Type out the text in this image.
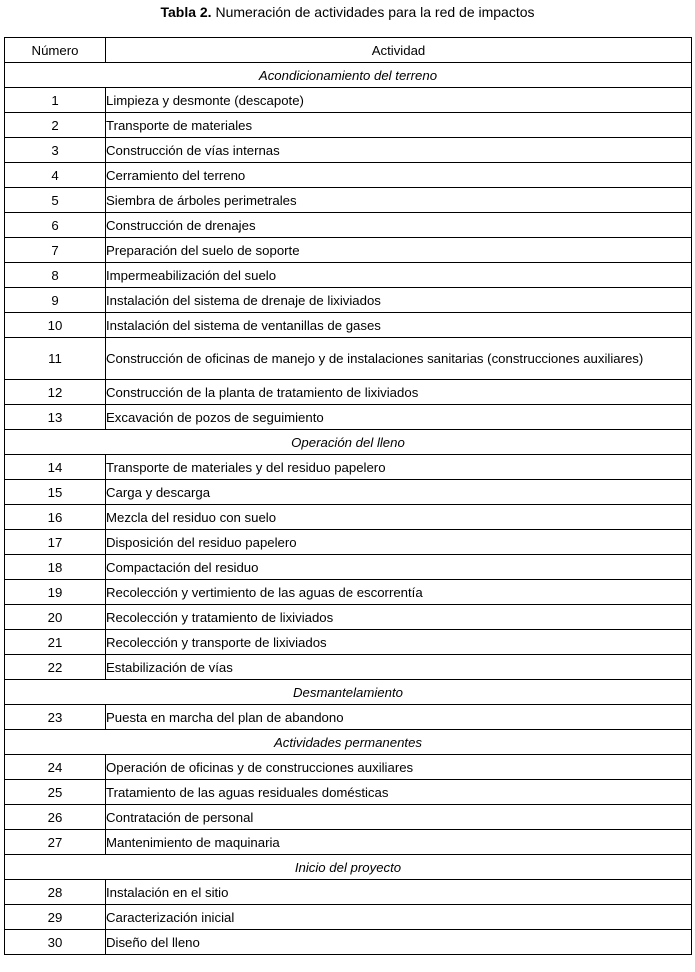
Tabla 2. Numeración de actividades para la red de impactos
Número	Actividad
Acondicionamiento del terreno	
1	Limpieza y desmonte (descapote)
2	Transporte de materiales
3	Construcción de vías internas
4	Cerramiento del terreno
5	Siembra de árboles perimetrales
6	Construcción de drenajes
7	Preparación del suelo de soporte
8	Impermeabilización del suelo
9	Instalación del sistema de drenaje de lixiviados
10	Instalación del sistema de ventanillas de gases
11	Construcción de oficinas de manejo y de instalaciones sanitarias (construcciones auxiliares)
12	Construcción de la planta de tratamiento de lixiviados
13	Excavación de pozos de seguimiento
Operación del lleno	
14	Transporte de materiales y del residuo papelero
15	Carga y descarga
16	Mezcla del residuo con suelo
17	Disposición del residuo papelero
18	Compactación del residuo
19	Recolección y vertimiento de las aguas de escorrentía
20	Recolección y tratamiento de lixiviados
21	Recolección y transporte de lixiviados
22	Estabilización de vías
Desmantelamiento	
23	Puesta en marcha del plan de abandono
Actividades permanentes	
24	Operación de oficinas y de construcciones auxiliares
25	Tratamiento de las aguas residuales domésticas
26	Contratación de personal
27	Mantenimiento de maquinaria
Inicio del proyecto	
28	Instalación en el sitio
29	Caracterización inicial
30	Diseño del lleno
